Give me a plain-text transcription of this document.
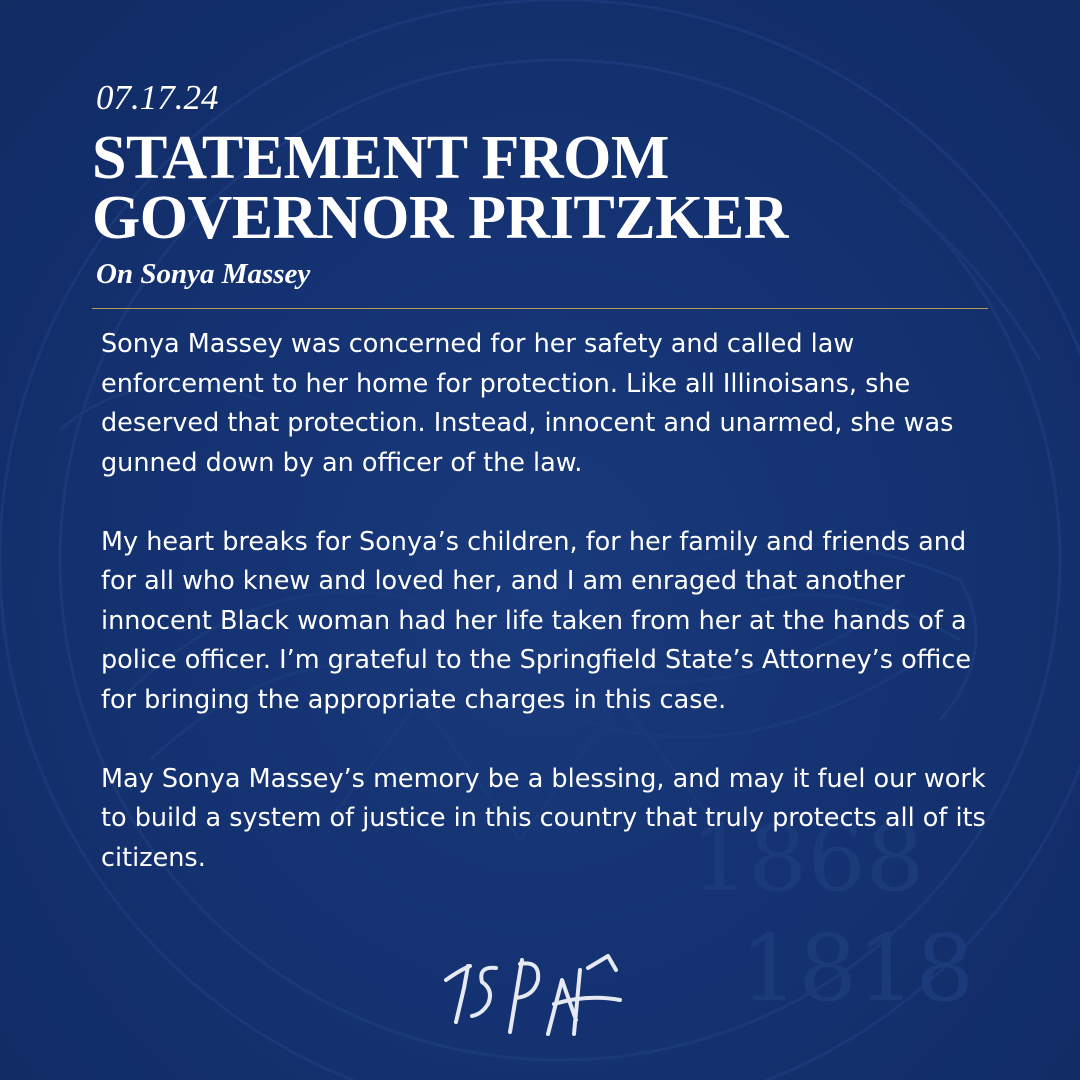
1868
1818
07.17.24
STATEMENT FROM
GOVERNOR PRITZKER
On Sonya Massey

Sonya Massey was concerned for her safety and called law enforcement to her home for protection. Like all Illinoisans, she deserved that protection. Instead, innocent and unarmed, she was gunned down by an officer of the law.

My heart breaks for Sonya’s children, for her family and friends and for all who knew and loved her, and I am enraged that another innocent Black woman had her life taken from her at the hands of a police officer. I’m grateful to the Springfield State’s Attorney’s office for bringing the appropriate charges in this case.

May Sonya Massey’s memory be a blessing, and may it fuel our work to build a system of justice in this country that truly protects all of its citizens.
